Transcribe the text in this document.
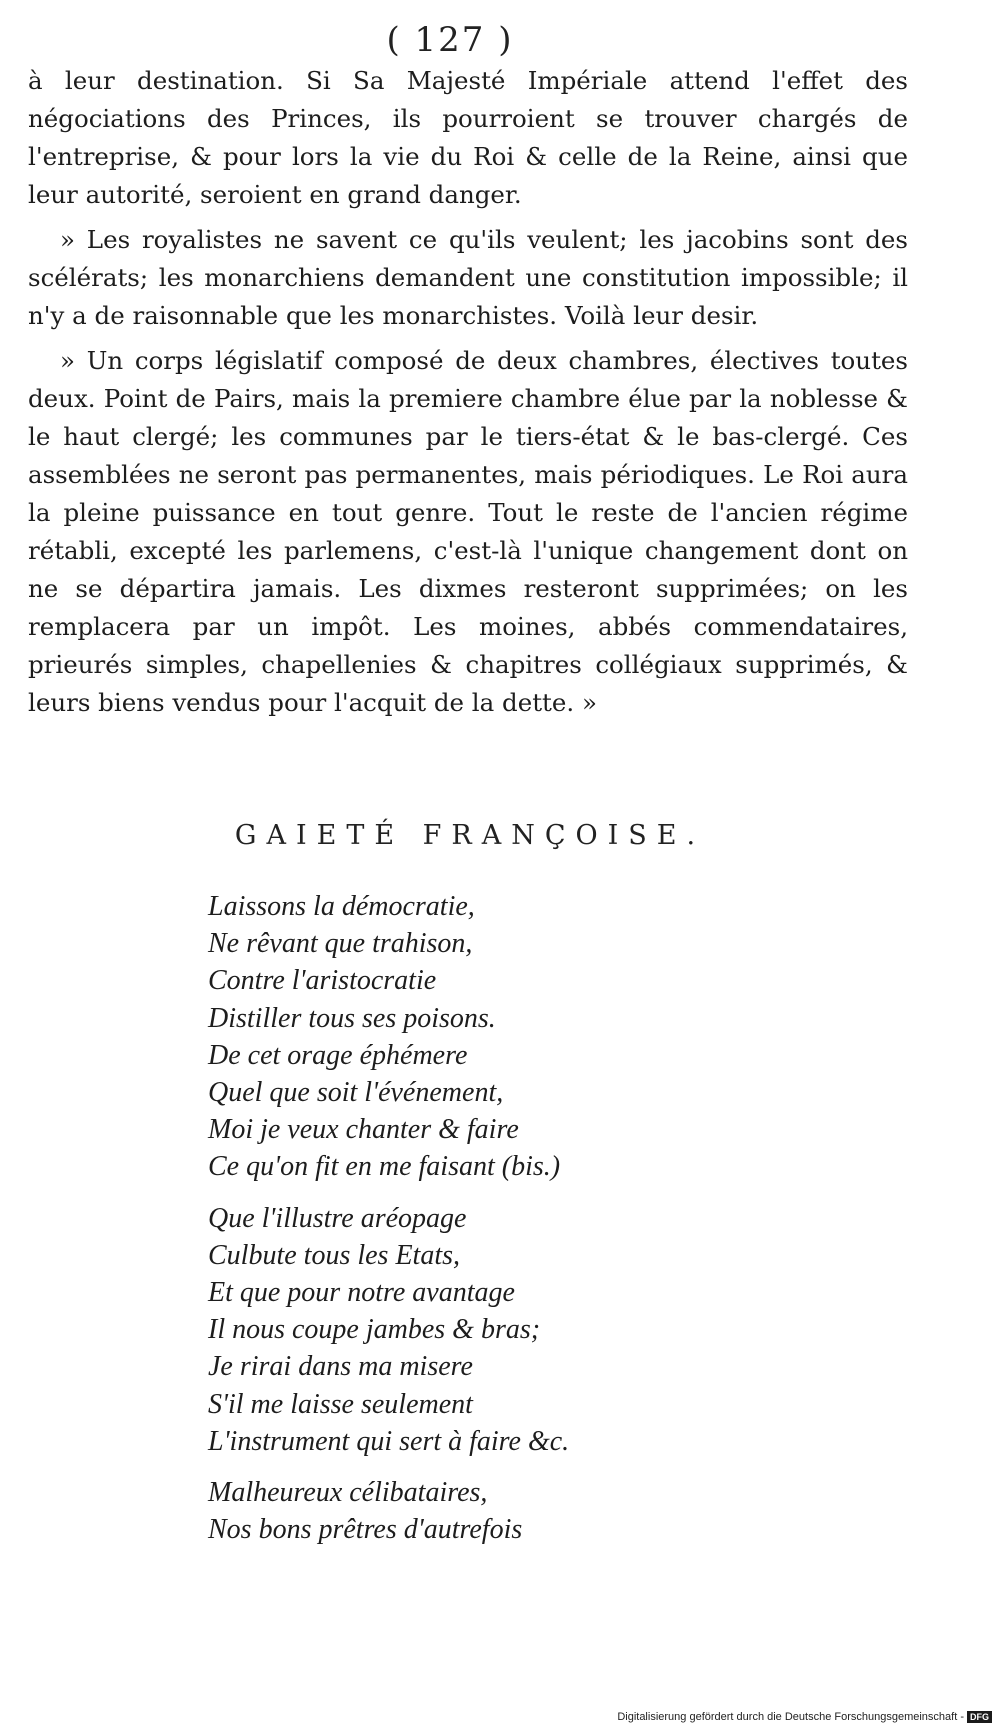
( 127 )

à leur destination. Si Sa Majesté Impériale attend l'effet des négociations des Princes, ils pourroient se trouver chargés de l'entreprise, & pour lors la vie du Roi & celle de la Reine, ainsi que leur autorité, seroient en grand danger.

» Les royalistes ne savent ce qu'ils veulent; les jacobins sont des scélérats; les monarchiens demandent une constitution impossible; il n'y a de raisonnable que les monarchistes. Voilà leur desir.

» Un corps législatif composé de deux chambres, électives toutes deux. Point de Pairs, mais la premiere chambre élue par la noblesse & le haut clergé; les communes par le tiers-état & le bas-clergé. Ces assemblées ne seront pas permanentes, mais périodiques. Le Roi aura la pleine puissance en tout genre. Tout le reste de l'ancien régime rétabli, excepté les parlemens, c'est-là l'unique changement dont on ne se départira jamais. Les dixmes resteront supprimées; on les remplacera par un impôt. Les moines, abbés commendataires, prieurés simples, chapellenies & chapitres collégiaux supprimés, & leurs biens vendus pour l'acquit de la dette. »

GAIETÉ FRANÇOISE.
Laissons la démocratie,
Ne rêvant que trahison,
Contre l'aristocratie
Distiller tous ses poisons.
De cet orage éphémere
Quel que soit l'événement,
Moi je veux chanter & faire
Ce qu'on fit en me faisant (bis.)
Que l'illustre aréopage
Culbute tous les Etats,
Et que pour notre avantage
Il nous coupe jambes & bras;
Je rirai dans ma misere
S'il me laisse seulement
L'instrument qui sert à faire &c.
Malheureux célibataires,
Nos bons prêtres d'autrefois
Digitalisierung gefördert durch die Deutsche Forschungsgemeinschaft - DFG
